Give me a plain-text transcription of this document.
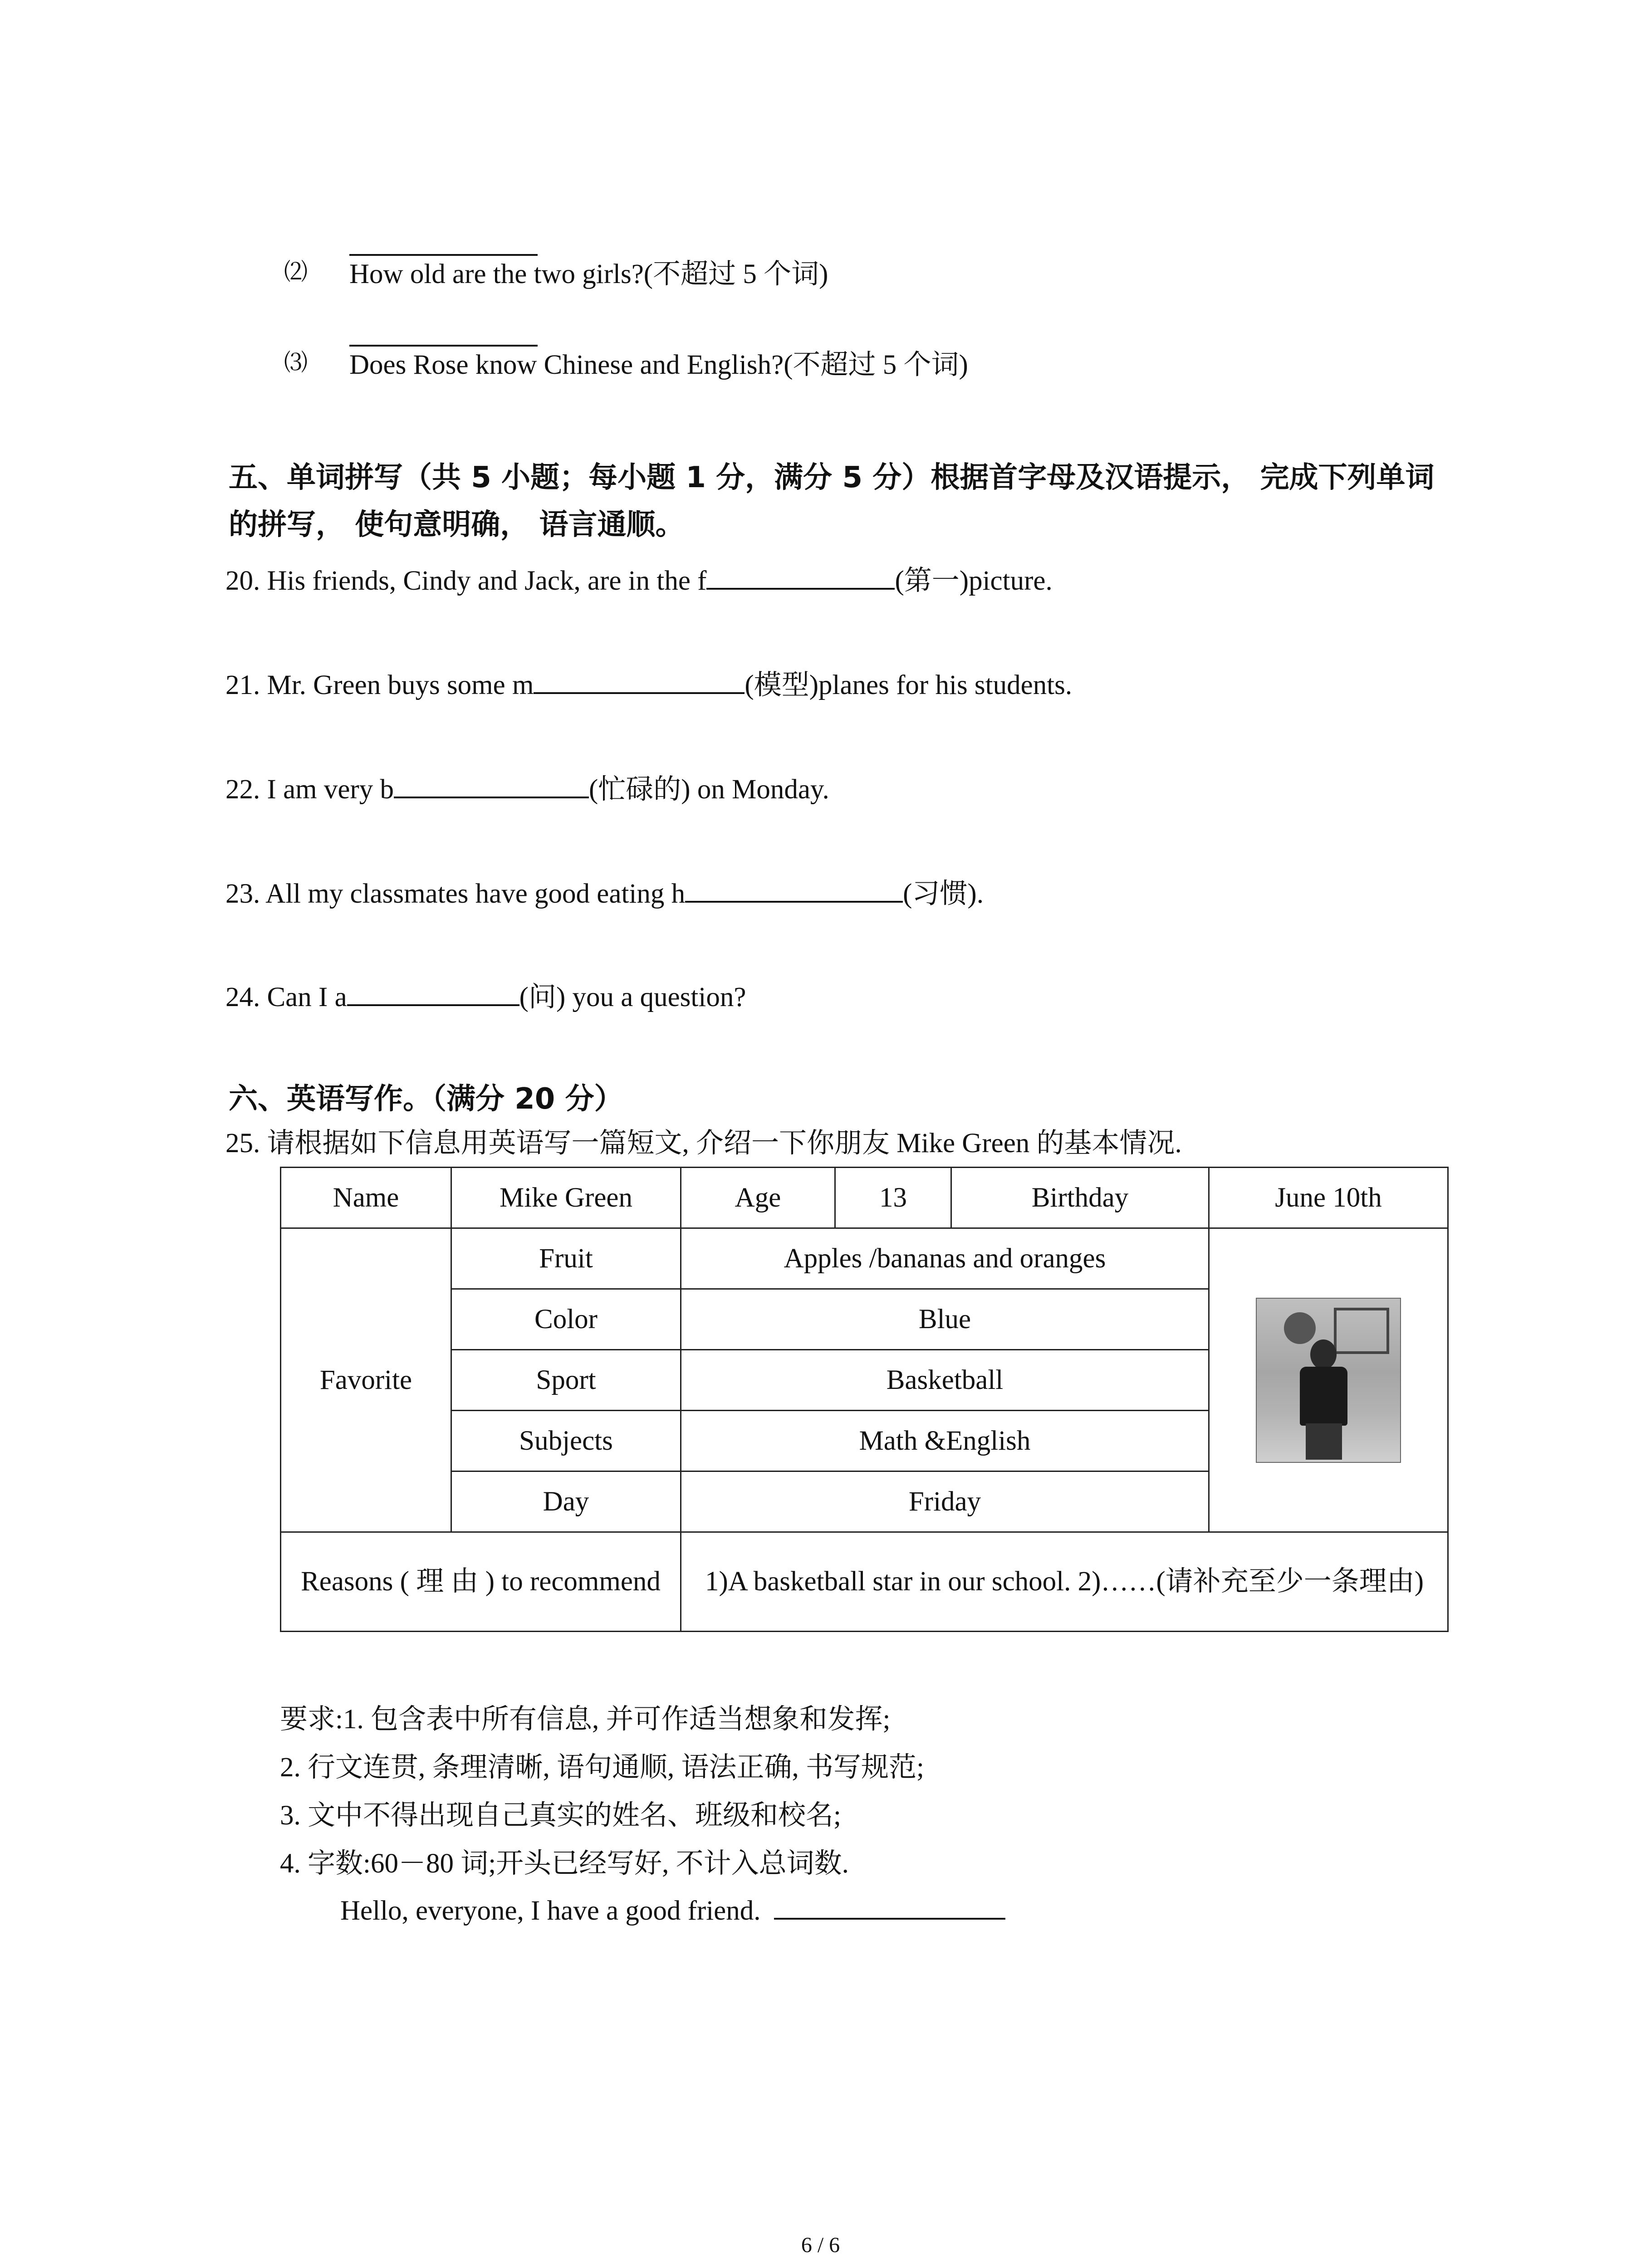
⑵ How old are the two girls?(不超过 5 个词)
⑶ Does Rose know Chinese and English?(不超过 5 个词)
五、单词拼写（共 5 小题；每小题 1 分，满分 5 分）根据首字母及汉语提示， 完成下列单词的拼写， 使句意明确， 语言通顺。
20. His friends, Cindy and Jack, are in the f	(第一)picture.
21. Mr. Green buys some m	(模型)planes for his students.
22. I am very b	(忙碌的) on Monday.
23. All my classmates have good eating h	(习惯).
24. Can I a	(问) you a question?
六、英语写作。（满分 20 分）
25. 请根据如下信息用英语写一篇短文, 介绍一下你朋友 Mike Green 的基本情况.
Name	Mike Green	Age	13	Birthday	June 10th
Favorite	Fruit	Apples /bananas and oranges			

	Color	Blue			
	Sport	Basketball			
	Subjects	Math &English			
	Day	Friday			
Reasons ( 理 由 ) to recommend		1)A basketball star in our school. 2)……(请补充至少一条理由)			
要求:1. 包含表中所有信息, 并可作适当想象和发挥;
2. 行文连贯, 条理清晰, 语句通顺, 语法正确, 书写规范;
3. 文中不得出现自己真实的姓名、班级和校名;
4. 字数:60－80 词;开头已经写好, 不计入总词数.
Hello, everyone, I have a good friend.
6 / 6
